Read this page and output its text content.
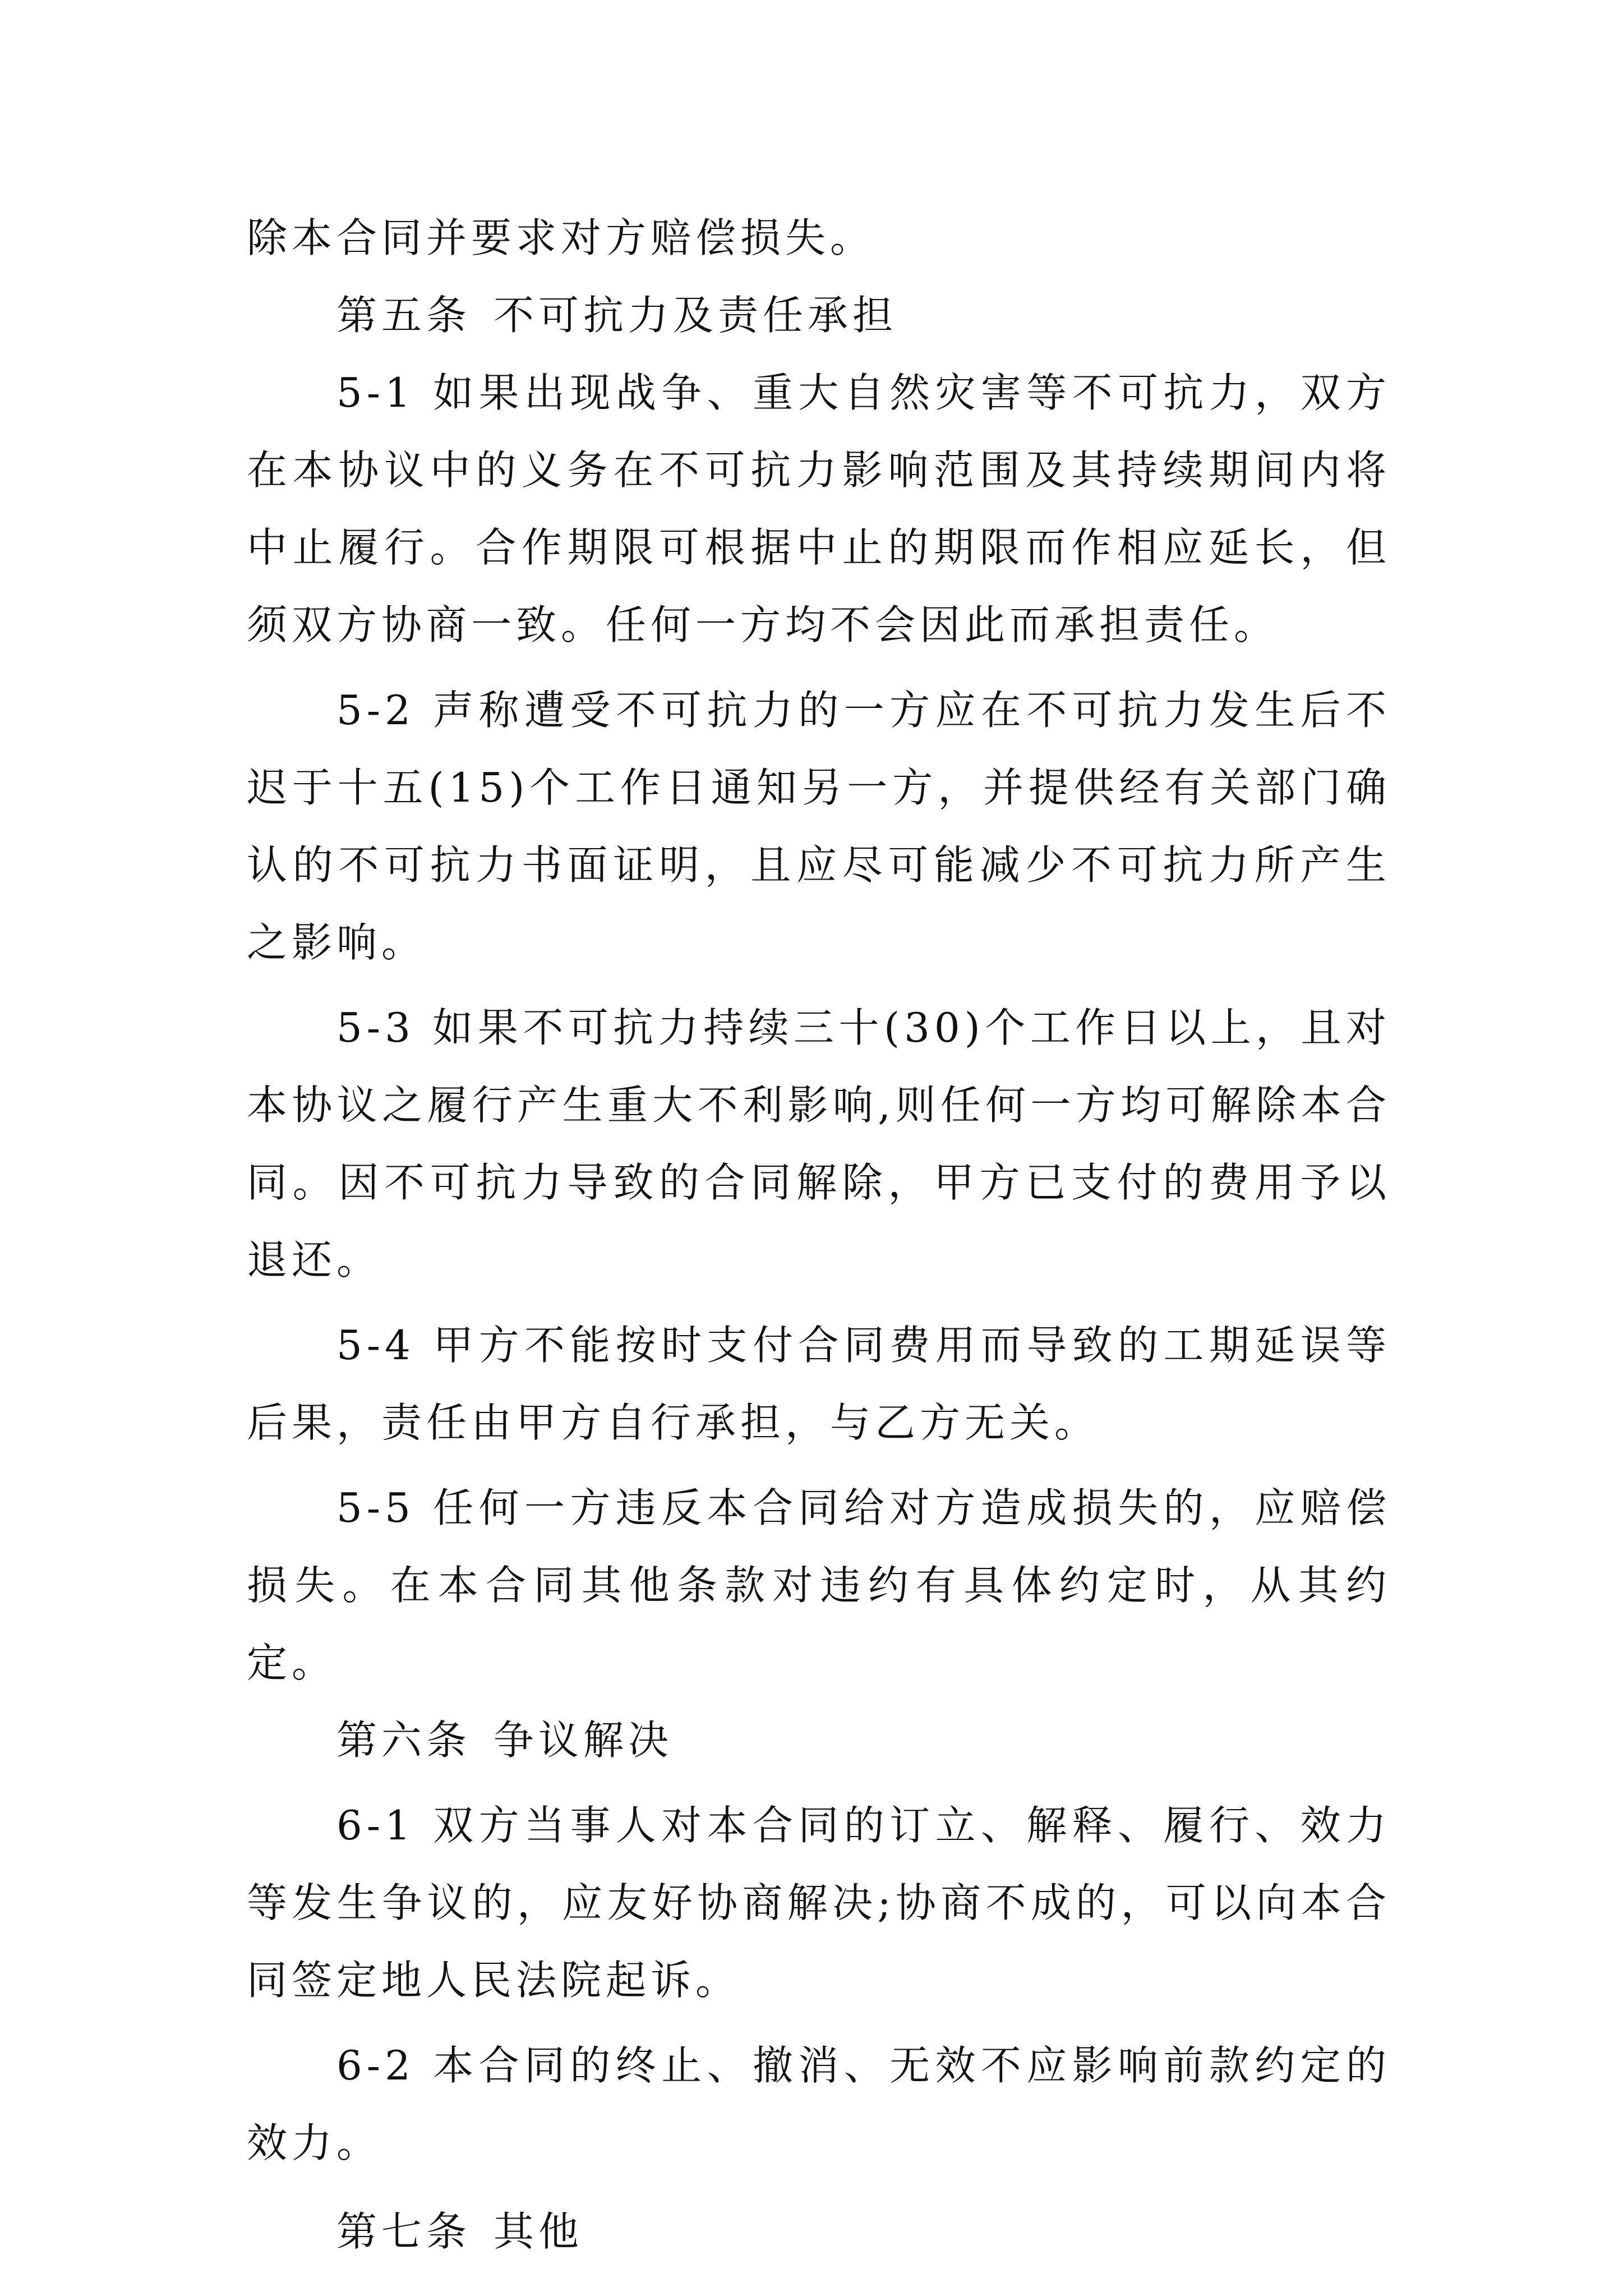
除本合同并要求对方赔偿损失。

第五条 不可抗力及责任承担

5-1 如果出现战争、重大自然灾害等不可抗力，双方在本协议中的义务在不可抗力影响范围及其持续期间内将中止履行。合作期限可根据中止的期限而作相应延长，但须双方协商一致。任何一方均不会因此而承担责任。

5-2 声称遭受不可抗力的一方应在不可抗力发生后不迟于十五(15)个工作日通知另一方，并提供经有关部门确认的不可抗力书面证明，且应尽可能减少不可抗力所产生之影响。

5-3 如果不可抗力持续三十(30)个工作日以上，且对本协议之履行产生重大不利影响,则任何一方均可解除本合同。因不可抗力导致的合同解除，甲方已支付的费用予以退还。

5-4 甲方不能按时支付合同费用而导致的工期延误等后果，责任由甲方自行承担，与乙方无关。

5-5 任何一方违反本合同给对方造成损失的，应赔偿损失。在本合同其他条款对违约有具体约定时，从其约定。

第六条 争议解决

6-1 双方当事人对本合同的订立、解释、履行、效力等发生争议的，应友好协商解决;协商不成的，可以向本合同签定地人民法院起诉。

6-2 本合同的终止、撤消、无效不应影响前款约定的效力。

第七条 其他
